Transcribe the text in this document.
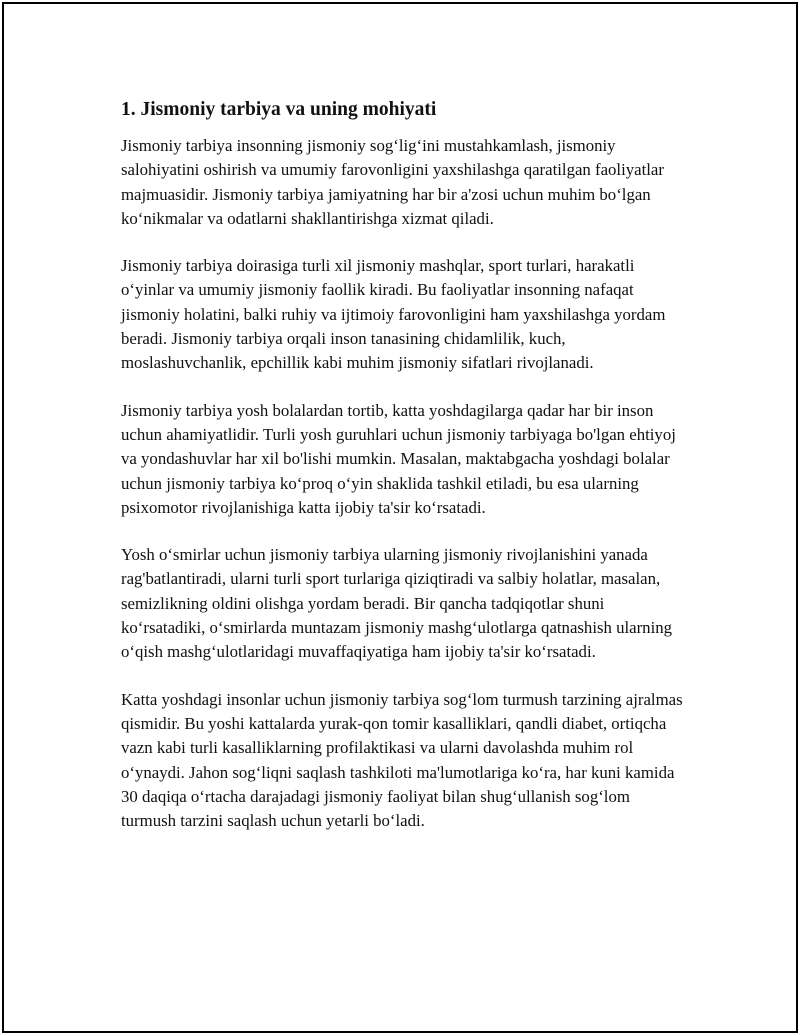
1. Jismoniy tarbiya va uning mohiyati

Jismoniy tarbiya insonning jismoniy sog‘lig‘ini mustahkamlash, jismoniy salohiyatini oshirish va umumiy farovonligini yaxshilashga qaratilgan faoliyatlar majmuasidir. Jismoniy tarbiya jamiyatning har bir a'zosi uchun muhim bo‘lgan ko‘nikmalar va odatlarni shakllantirishga xizmat qiladi.

Jismoniy tarbiya doirasiga turli xil jismoniy mashqlar, sport turlari, harakatli o‘yinlar va umumiy jismoniy faollik kiradi. Bu faoliyatlar insonning nafaqat jismoniy holatini, balki ruhiy va ijtimoiy farovonligini ham yaxshilashga yordam beradi. Jismoniy tarbiya orqali inson tanasining chidamlilik, kuch, moslashuvchanlik, epchillik kabi muhim jismoniy sifatlari rivojlanadi.

Jismoniy tarbiya yosh bolalardan tortib, katta yoshdagilarga qadar har bir inson uchun ahamiyatlidir. Turli yosh guruhlari uchun jismoniy tarbiyaga bo'lgan ehtiyoj va yondashuvlar har xil bo'lishi mumkin. Masalan, maktabgacha yoshdagi bolalar uchun jismoniy tarbiya ko‘proq o‘yin shaklida tashkil etiladi, bu esa ularning psixomotor rivojlanishiga katta ijobiy ta'sir ko‘rsatadi.

Yosh o‘smirlar uchun jismoniy tarbiya ularning jismoniy rivojlanishini yanada rag'batlantiradi, ularni turli sport turlariga qiziqtiradi va salbiy holatlar, masalan, semizlikning oldini olishga yordam beradi. Bir qancha tadqiqotlar shuni ko‘rsatadiki, o‘smirlarda muntazam jismoniy mashg‘ulotlarga qatnashish ularning o‘qish mashg‘ulotlaridagi muvaffaqiyatiga ham ijobiy ta'sir ko‘rsatadi.

Katta yoshdagi insonlar uchun jismoniy tarbiya sog‘lom turmush tarzining ajralmas qismidir. Bu yoshi kattalarda yurak-qon tomir kasalliklari, qandli diabet, ortiqcha vazn kabi turli kasalliklarning profilaktikasi va ularni davolashda muhim rol o‘ynaydi. Jahon sog‘liqni saqlash tashkiloti ma'lumotlariga ko‘ra, har kuni kamida 30 daqiqa o‘rtacha darajadagi jismoniy faoliyat bilan shug‘ullanish sog‘lom turmush tarzini saqlash uchun yetarli bo‘ladi.
